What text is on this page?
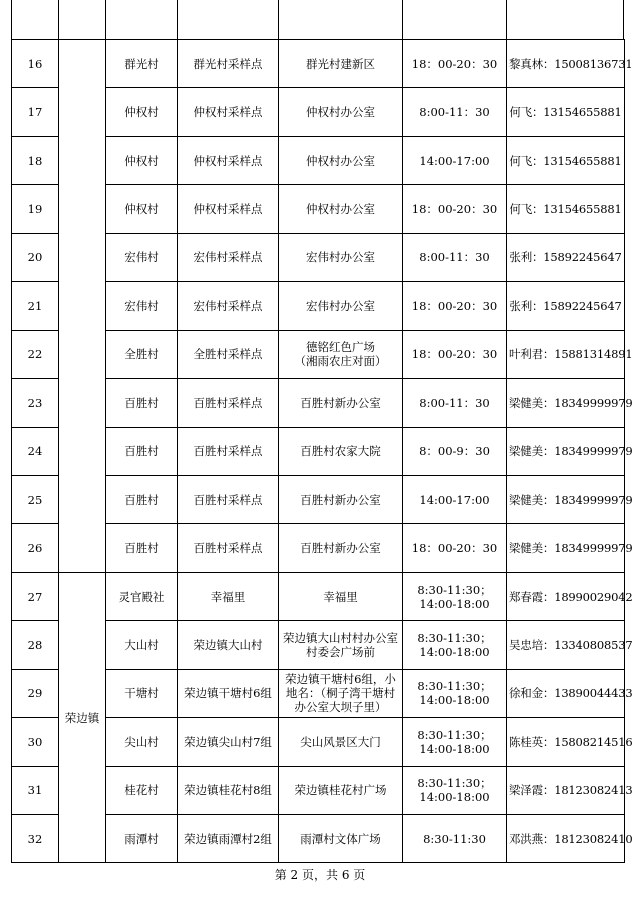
16		群光村	群光村采样点	群光村建新区	18：00-20：30	黎真林：15008136731
17		仲权村	仲权村采样点	仲权村办公室	8:00-11：30	何飞：13154655881
18		仲权村	仲权村采样点	仲权村办公室	14:00-17:00	何飞：13154655881
19		仲权村	仲权村采样点	仲权村办公室	18：00-20：30	何飞：13154655881
20		宏伟村	宏伟村采样点	宏伟村办公室	8:00-11：30	张利：15892245647
21		宏伟村	宏伟村采样点	宏伟村办公室	18：00-20：30	张利：15892245647
22		全胜村	全胜村采样点	德铭红色广场
（湘雨农庄对面）	18：00-20：30	叶利君：15881314891
23		百胜村	百胜村采样点	百胜村新办公室	8:00-11：30	梁健美：18349999979
24		百胜村	百胜村采样点	百胜村农家大院	8：00-9：30	梁健美：18349999979
25		百胜村	百胜村采样点	百胜村新办公室	14:00-17:00	梁健美：18349999979
26		百胜村	百胜村采样点	百胜村新办公室	18：00-20：30	梁健美：18349999979
27	荣边镇	灵官殿社	幸福里	幸福里	8:30-11:30；
14:00-18:00	郑春霞：18990029042
28		大山村	荣边镇大山村	荣边镇大山村村办公室
村委会广场前	8:30-11:30；
14:00-18:00	吴忠培：13340808537
29		干塘村	荣边镇干塘村6组	荣边镇干塘村6组，小
地名：（桐子湾干塘村
办公室大坝子里）	8:30-11:30；
14:00-18:00	徐和金：13890044433
30		尖山村	荣边镇尖山村7组	尖山风景区大门	8:30-11:30；
14:00-18:00	陈桂英：15808214516
31		桂花村	荣边镇桂花村8组	荣边镇桂花村广场	8:30-11:30；
14:00-18:00	梁泽霞：18123082413
32		雨潭村	荣边镇雨潭村2组	雨潭村文体广场	8:30-11:30	邓洪燕：18123082410
第 2 页，共 6 页
